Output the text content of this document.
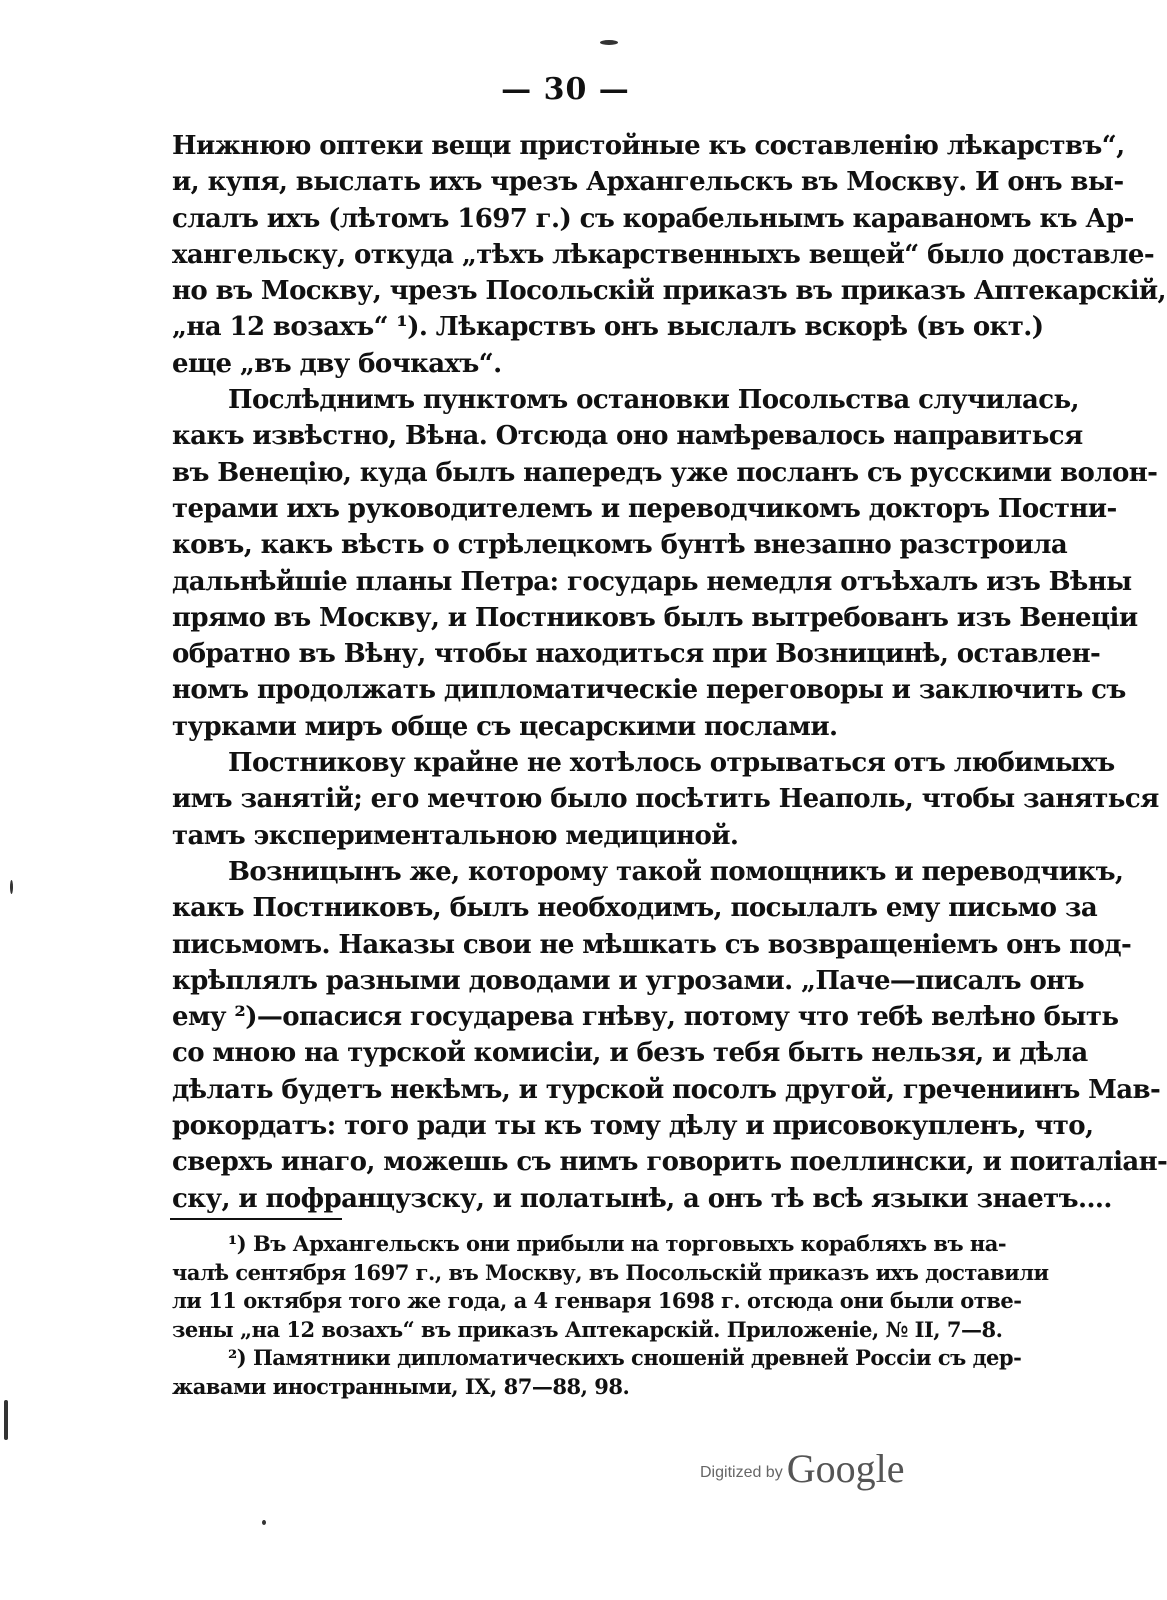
— 30 —
Нижнюю оптеки вещи пристойные къ составленію лѣкарствъ“,
и, купя, выслать ихъ чрезъ Архангельскъ въ Москву. И онъ вы-
слалъ ихъ (лѣтомъ 1697 г.) съ корабельнымъ караваномъ къ Ар-
хангельску, откуда „тѣхъ лѣкарственныхъ вещей“ было доставле-
но въ Москву, чрезъ Посольскій приказъ въ приказъ Аптекарскій,
„на 12 возахъ“ ¹). Лѣкарствъ онъ выслалъ вскорѣ (въ окт.)
еще „въ дву бочкахъ“.
Послѣднимъ пунктомъ остановки Посольства случилась,
какъ извѣстно, Вѣна. Отсюда оно намѣревалось направиться
въ Венецію, куда былъ напередъ уже посланъ съ русскими волон-
терами ихъ руководителемъ и переводчикомъ докторъ Постни-
ковъ, какъ вѣсть о стрѣлецкомъ бунтѣ внезапно разстроила
дальнѣйшіе планы Петра: государь немедля отъѣхалъ изъ Вѣны
прямо въ Москву, и Постниковъ былъ вытребованъ изъ Венеціи
обратно въ Вѣну, чтобы находиться при Возницинѣ, оставлен-
номъ продолжать дипломатическіе переговоры и заключить съ
турками миръ обще съ цесарскими послами.
Постникову крайне не хотѣлось отрываться отъ любимыхъ
имъ занятій; его мечтою было посѣтить Неаполь, чтобы заняться
тамъ экспериментальною медициной.
Возницынъ же, которому такой помощникъ и переводчикъ,
какъ Постниковъ, былъ необходимъ, посылалъ ему письмо за
письмомъ. Наказы свои не мѣшкать съ возвращеніемъ онъ под-
крѣплялъ разными доводами и угрозами. „Паче—писалъ онъ
ему ²)—опасися государева гнѣву, потому что тебѣ велѣно быть
со мною на турской комисіи, и безъ тебя быть нельзя, и дѣла
дѣлать будетъ некѣмъ, и турской посолъ другой, гречениинъ Мав-
рокордатъ: того ради ты къ тому дѣлу и присовокупленъ, что,
сверхъ инаго, можешь съ нимъ говорить поеллински, и поиталіан-
ску, и пофранцузску, и полатынѣ, а онъ тѣ всѣ языки знаетъ....
¹) Въ Архангельскъ они прибыли на торговыхъ корабляхъ въ на-
чалѣ сентября 1697 г., въ Москву, въ Посольскій приказъ ихъ доставили
ли 11 октября того же года, а 4 генваря 1698 г. отсюда они были отве-
зены „на 12 возахъ“ въ приказъ Аптекарскій. Приложеніе, № II, 7—8.
²) Памятники дипломатическихъ сношеній древней Россіи съ дер-
жавами иностранными, IX, 87—88, 98.
Digitized by Google
